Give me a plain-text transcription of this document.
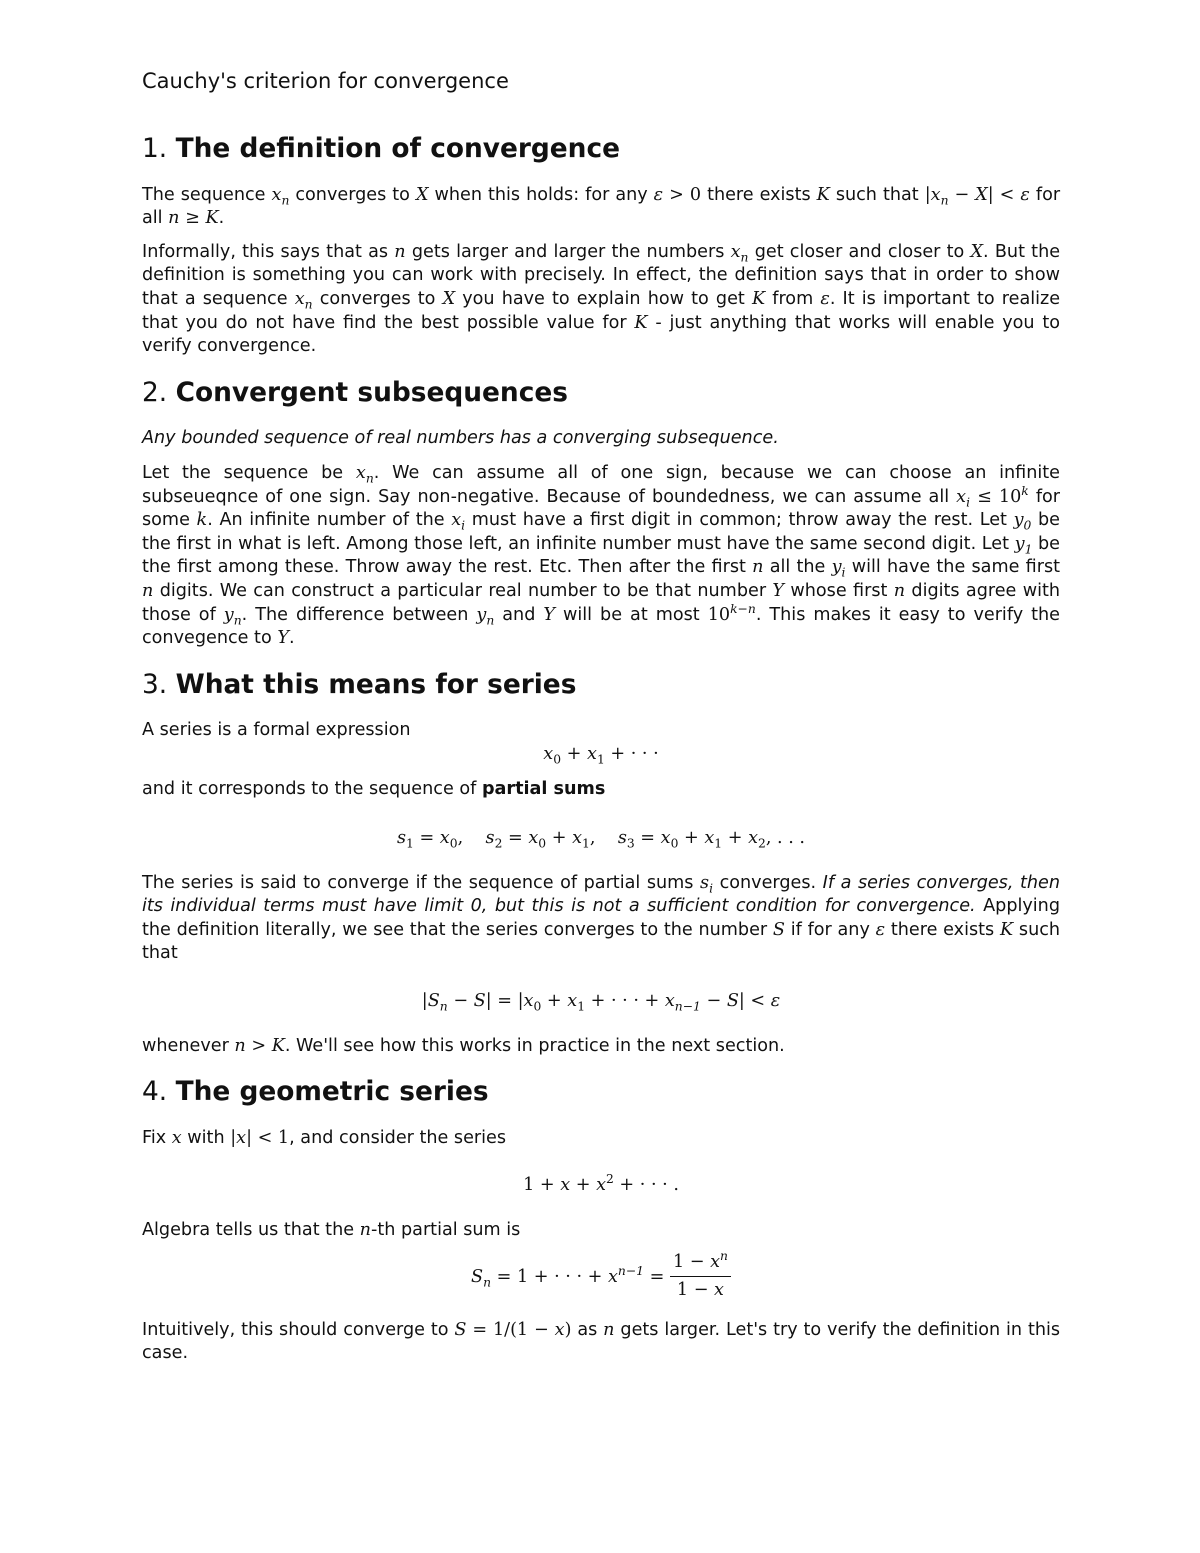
Cauchy's criterion for convergence
1. The definition of convergence

The sequence $x_n$ converges to X when this holds: for any ε > 0 there exists K such that $|x_n - X| < \varepsilon$ for all n ≥ K.

Informally, this says that as n gets larger and larger the numbers $x_n$ get closer and closer to X. But the definition is something you can work with precisely. In effect, the definition says that in order to show that a sequence $x_n$ converges to X you have to explain how to get K from ε. It is important to realize that you do not have find the best possible value for K - just anything that works will enable you to verify convergence.

2. Convergent subsequences

Any bounded sequence of real numbers has a converging subsequence.

Let the sequence be $x_n$. We can assume all of one sign, because we can choose an infinite subseueqnce of one sign. Say non-negative. Because of boundedness, we can assume all $x_i \le 10^k$ for some k. An infinite number of the $x_i$ must have a first digit in common; throw away the rest. Let $y_0$ be the first in what is left. Among those left, an infinite number must have the same second digit. Let $y_1$ be the first among these. Throw away the rest. Etc. Then after the first n all the $y_i$ will have the same first n digits. We can construct a particular real number to be that number Y whose first n digits agree with those of $y_n$. The difference between $y_n$ and Y will be at most $10^{k-n}$. This makes it easy to verify the convegence to Y.

3. What this means for series

A series is a formal expression

$x_0 + x_1$ + · · ·

and it corresponds to the sequence of partial sums

$s_1 = x_0$,    $s_2 = x_0 + x_1$,    $s_3 = x_0 + x_1 + x_2$, . . .

The series is said to converge if the sequence of partial sums $s_i$ converges. If a series converges, then its individual terms must have limit 0, but this is not a sufficient condition for convergence. Applying the definition literally, we see that the series converges to the number S if for any ε there exists K such that

$|S_n - S| = |x_0 + x_1$ + · · · + $x_{n-1} - S| < \varepsilon$

whenever n > K. We'll see how this works in practice in the next section.

4. The geometric series

Fix x with |x| < 1, and consider the series

$1 + x + x^2$ + · · · .

Algebra tells us that the n-th partial sum is

$S_n = 1$ + · · · + $x^{n-1} = \frac{1 - x^n}{1 - x}$

Intuitively, this should converge to S = 1/(1 − x) as n gets larger. Let's try to verify the definition in this case.
